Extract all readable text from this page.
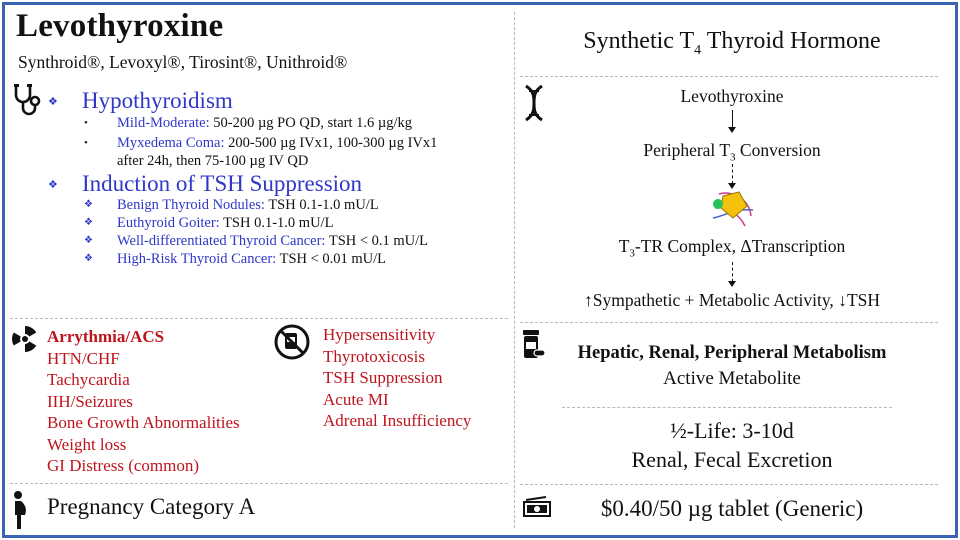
Levothyroxine
Synthroid®, Levoxyl®, Tirosint®, Unithroid®
❖ Hypothyroidism
• Mild-Moderate: 50-200 µg PO QD, start 1.6 µg/kg
• Myxedema Coma: 200-500 µg IVx1, 100-300 µg IVx1
after 24h, then 75-100 µg IV QD
❖ Induction of TSH Suppression
❖ Benign Thyroid Nodules: TSH 0.1-1.0 mU/L
❖ Euthyroid Goiter: TSH 0.1-1.0 mU/L
❖ Well-differentiated Thyroid Cancer: TSH < 0.1 mU/L
❖ High-Risk Thyroid Cancer: TSH < 0.01 mU/L
Arrythmia/ACS
HTN/CHF
Tachycardia
IIH/Seizures
Bone Growth Abnormalities
Weight loss
GI Distress (common)
Hypersensitivity
Thyrotoxicosis
TSH Suppression
Acute MI
Adrenal Insufficiency
Pregnancy Category A
Synthetic $T_4$ Thyroid Hormone
Levothyroxine
Peripheral $T_3$ Conversion
$T_3-TR$ Complex, ΔTranscription
↑Sympathetic + Metabolic Activity, ↓TSH
Hepatic, Renal, Peripheral Metabolism
Active Metabolite
½-Life: 3-10d
Renal, Fecal Excretion
$0.40/50 µg tablet (Generic)
